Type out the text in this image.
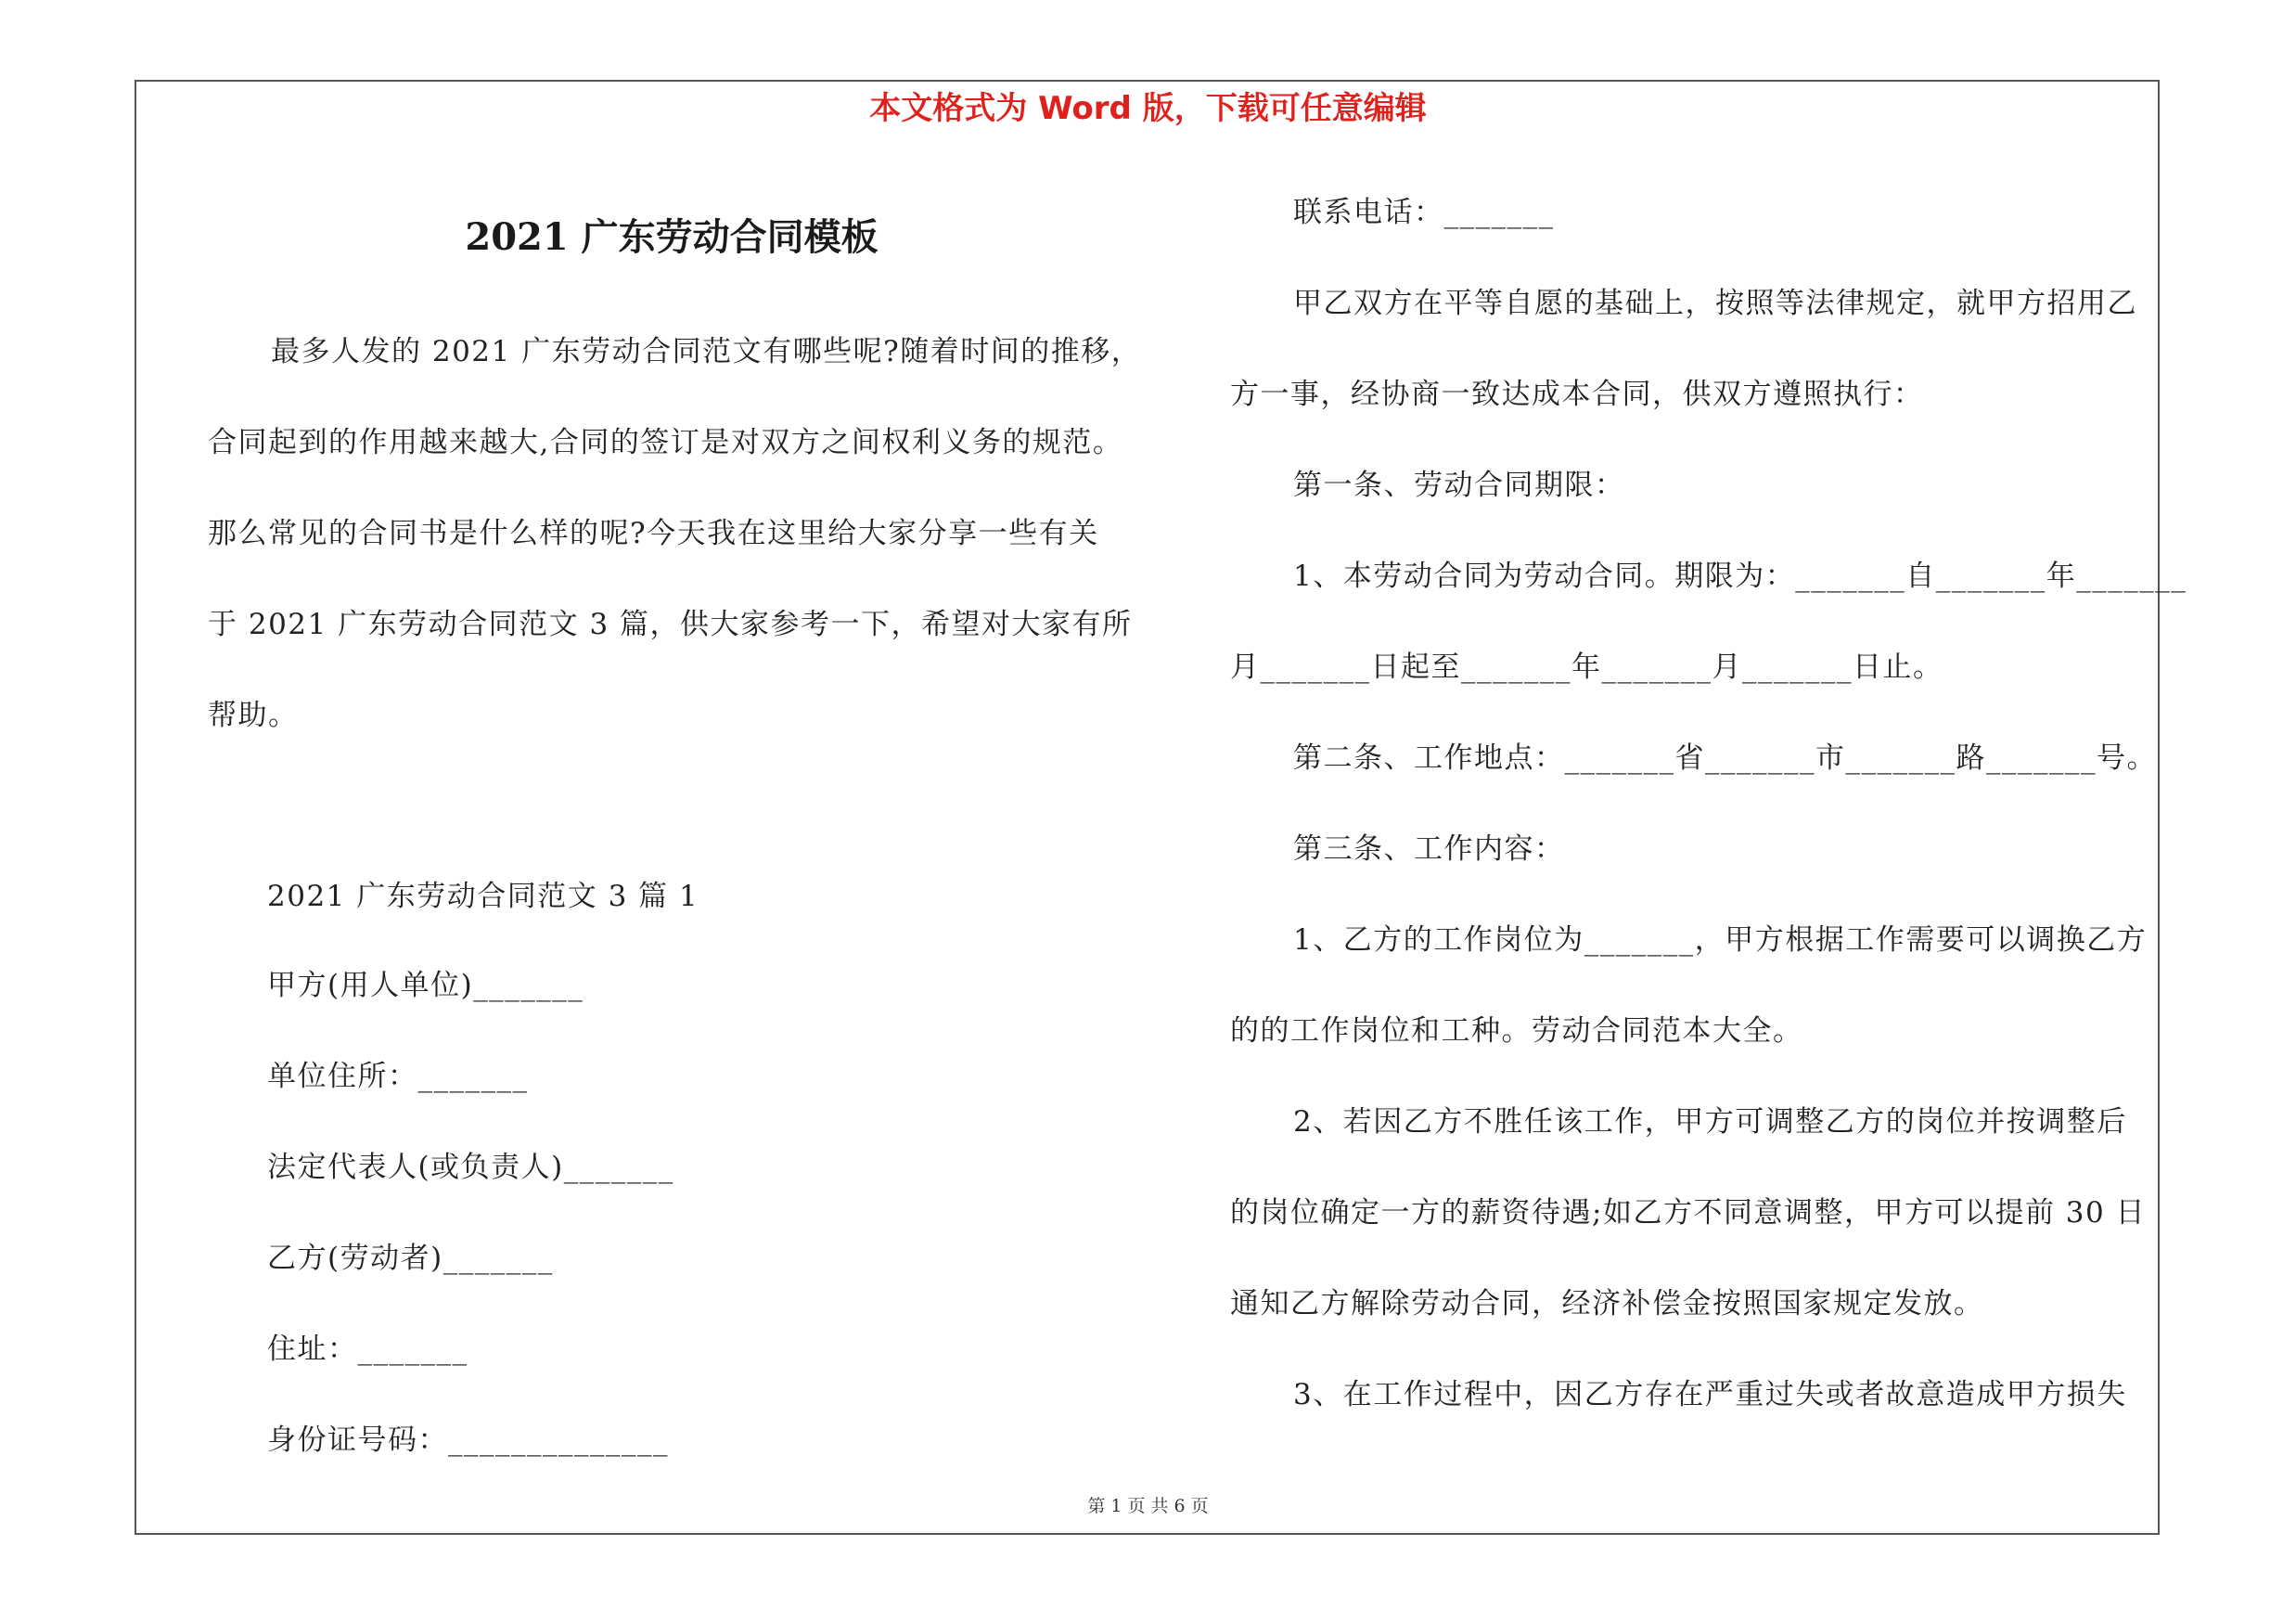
本文格式为 Word 版，下载可任意编辑
2021 广东劳动合同模板
最多人发的 2021 广东劳动合同范文有哪些呢?随着时间的推移，
合同起到的作用越来越大,合同的签订是对双方之间权利义务的规范。
那么常见的合同书是什么样的呢?今天我在这里给大家分享一些有关
于 2021 广东劳动合同范文 3 篇，供大家参考一下，希望对大家有所
帮助。
2021 广东劳动合同范文 3 篇 1
甲方(用人单位)_______
单位住所：_______
法定代表人(或负责人)_______
乙方(劳动者)_______
住址：_______
身份证号码：______________
联系电话：_______
甲乙双方在平等自愿的基础上，按照等法律规定，就甲方招用乙
方一事，经协商一致达成本合同，供双方遵照执行：
第一条、劳动合同期限：
1、本劳动合同为劳动合同。期限为：_______自_______年_______
月_______日起至_______年_______月_______日止。
第二条、工作地点：_______省_______市_______路_______号。
第三条、工作内容：
1、乙方的工作岗位为_______，甲方根据工作需要可以调换乙方
的的工作岗位和工种。劳动合同范本大全。
2、若因乙方不胜任该工作，甲方可调整乙方的岗位并按调整后
的岗位确定一方的薪资待遇;如乙方不同意调整，甲方可以提前 30 日
通知乙方解除劳动合同，经济补偿金按照国家规定发放。
3、在工作过程中，因乙方存在严重过失或者故意造成甲方损失
第 1 页 共 6 页
